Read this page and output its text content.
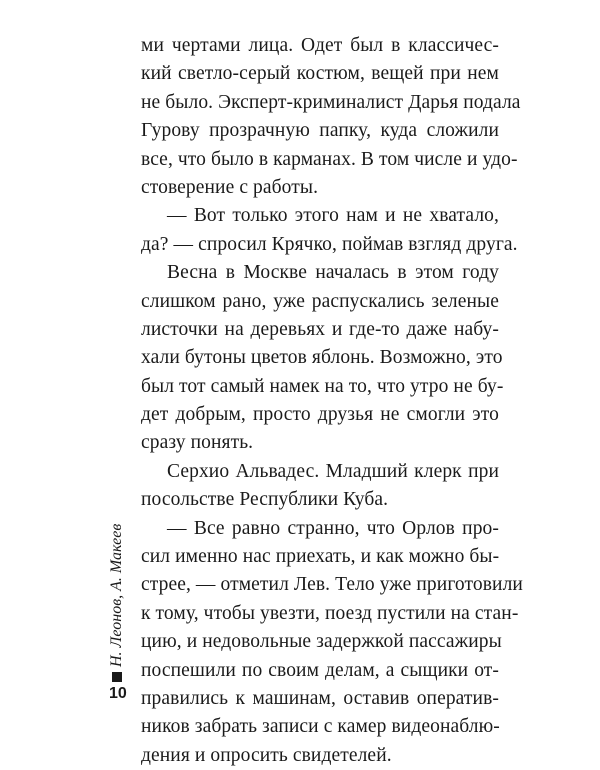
ми чертами лица. Одет был в классичес-
кий светло-серый костюм, вещей при нем
не было. Эксперт-криминалист Дарья подала
Гурову прозрачную папку, куда сложили
все, что было в карманах. В том числе и удо-
стоверение с работы.
— Вот только этого нам и не хватало,
да? — спросил Крячко, поймав взгляд друга.
Весна в Москве началась в этом году
слишком рано, уже распускались зеленые
листочки на деревьях и где-то даже набу-
хали бутоны цветов яблонь. Возможно, это
был тот самый намек на то, что утро не бу-
дет добрым, просто друзья не смогли это
сразу понять.
Серхио Альвадес. Младший клерк при
посольстве Республики Куба.
— Все равно странно, что Орлов про-
сил именно нас приехать, и как можно бы-
стрее, — отметил Лев. Тело уже приготовили
к тому, чтобы увезти, поезд пустили на стан-
цию, и недовольные задержкой пассажиры
поспешили по своим делам, а сыщики от-
правились к машинам, оставив оператив-
ников забрать записи с камер видеонаблю-
дения и опросить свидетелей.
Н. Леонов, А. Макеев
10
